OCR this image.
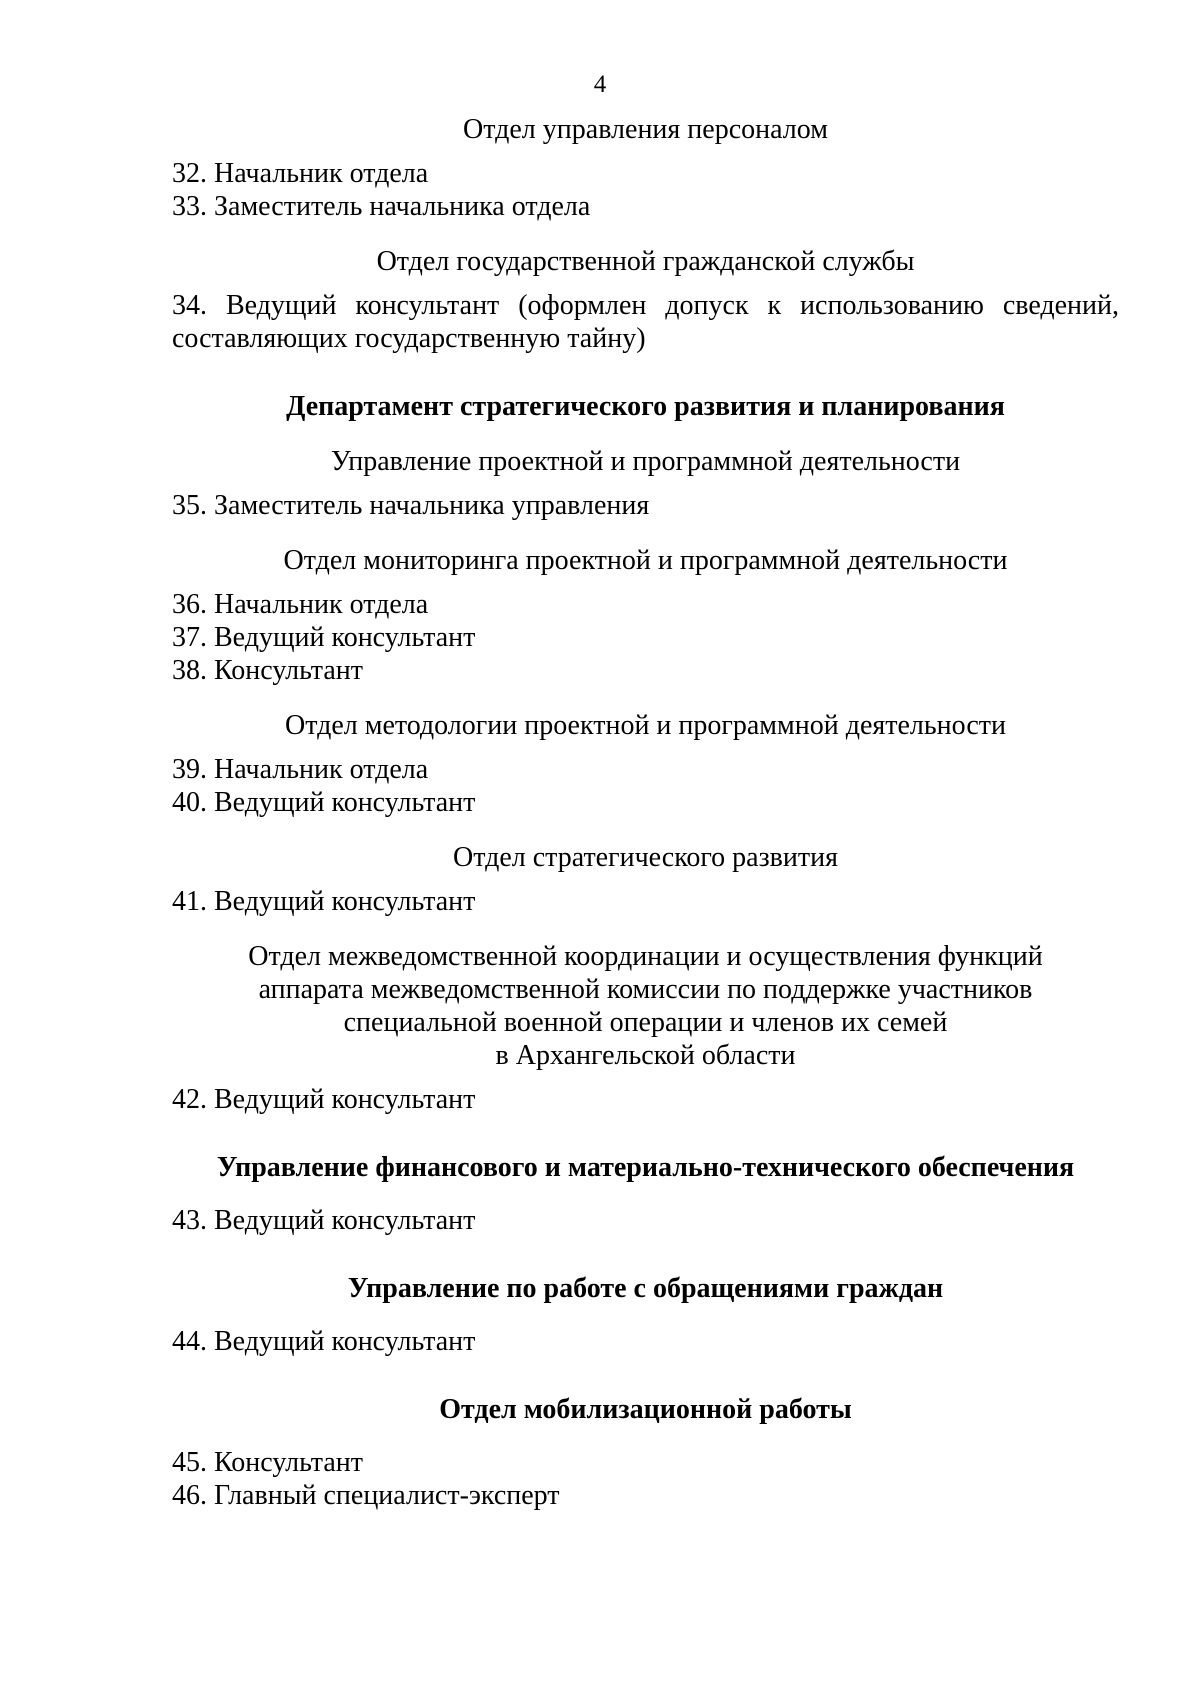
4

Отдел управления персоналом

32. Начальник отдела
33. Заместитель начальника отдела

Отдел государственной гражданской службы

34. Ведущий консультант (оформлен допуск к использованию сведений, составляющих государственную тайну)

Департамент стратегического развития и планирования

Управление проектной и программной деятельности

35. Заместитель начальника управления

Отдел мониторинга проектной и программной деятельности

36. Начальник отдела
37. Ведущий консультант
38. Консультант

Отдел методологии проектной и программной деятельности

39. Начальник отдела
40. Ведущий консультант

Отдел стратегического развития

41. Ведущий консультант

Отдел межведомственной координации и осуществления функций

аппарата межведомственной комиссии по поддержке участников

специальной военной операции и членов их семей

в Архангельской области

42. Ведущий консультант

Управление финансового и материально-технического обеспечения

43. Ведущий консультант

Управление по работе с обращениями граждан

44. Ведущий консультант

Отдел мобилизационной работы

45. Консультант
46. Главный специалист-эксперт
